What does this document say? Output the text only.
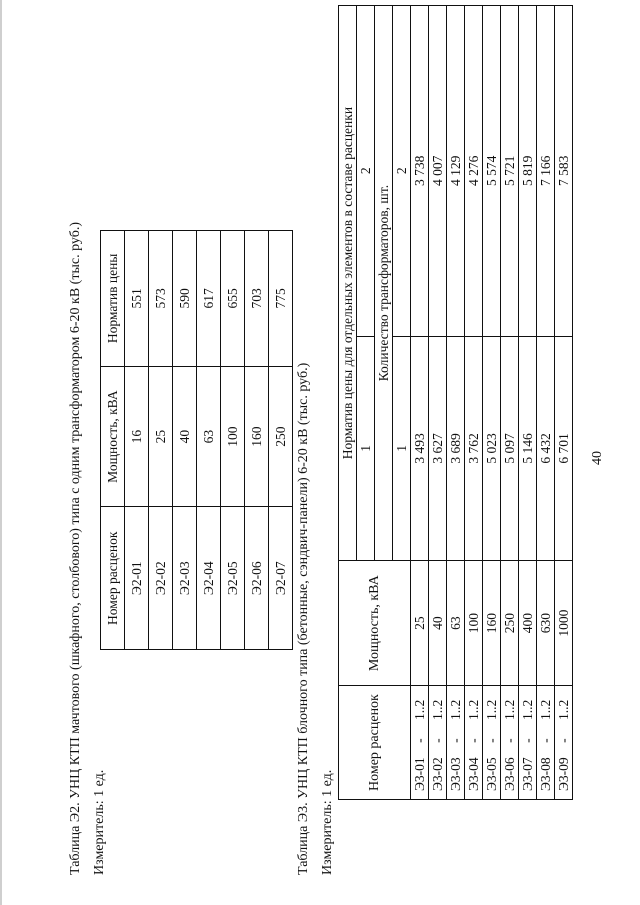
40
Таблица Э2. УНЦ КТП мачтового (шкафного, столбового) типа с одним трансформатором 6-20 кВ (тыс. руб.) Измеритель: 1 ед.
Номер расценок	Мощность, кВА	Норматив цены
Э2-01	16	551
Э2-02	25	573
Э2-03	40	590
Э2-04	63	617
Э2-05	100	655
Э2-06	160	703
Э2-07	250	775
Таблица Э3. УНЦ КТП блочного типа (бетонные, сэндвич-панели) 6-20 кВ (тыс. руб.) Измеритель: 1 ед.
Номер расценок			Мощность, кВА	Норматив цены для отдельных элементов в составе расценки	
				1	2
				Количество трансформаторов, шт.	
				1	2
Э3-01	-	1..2	25	3 493	3 738
Э3-02	-	1..2	40	3 627	4 007
Э3-03	-	1..2	63	3 689	4 129
Э3-04	-	1..2	100	3 762	4 276
Э3-05	-	1..2	160	5 023	5 574
Э3-06	-	1..2	250	5 097	5 721
Э3-07	-	1..2	400	5 146	5 819
Э3-08	-	1..2	630	6 432	7 166
Э3-09	-	1..2	1000	6 701	7 583
